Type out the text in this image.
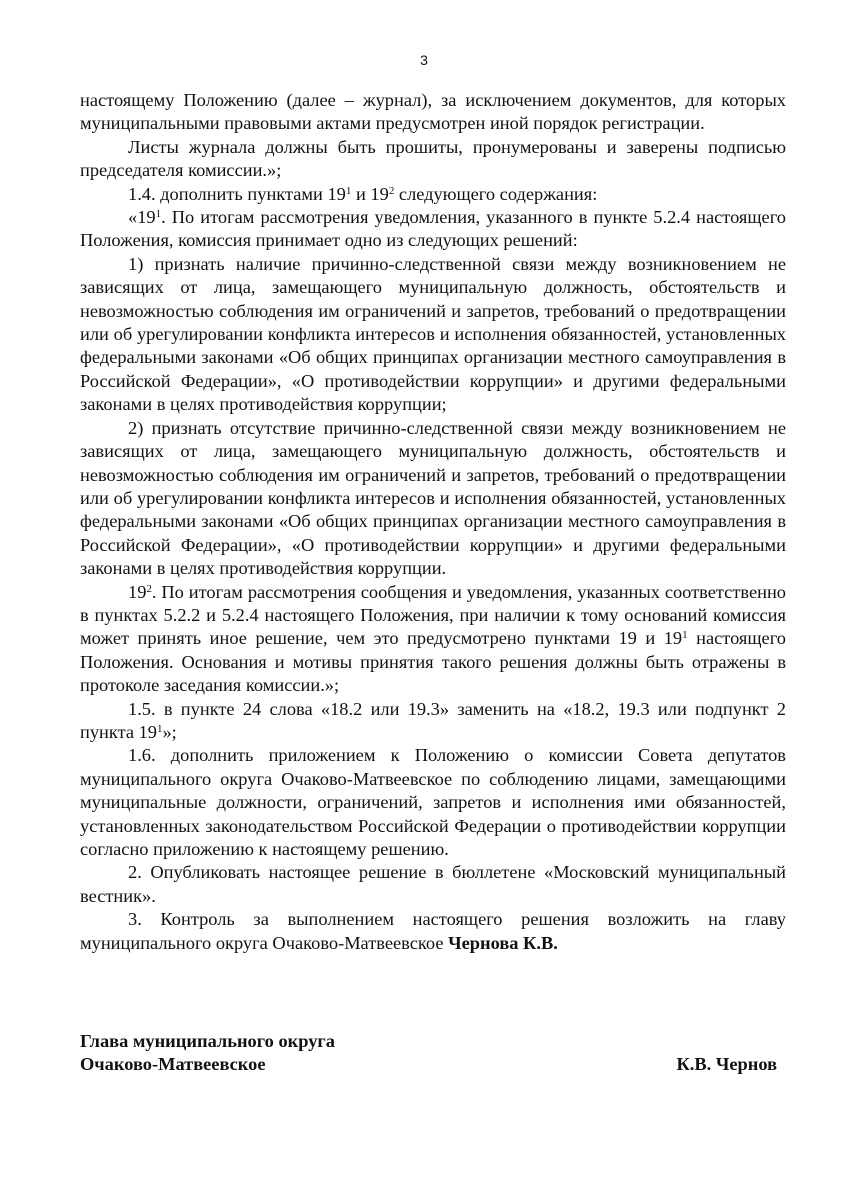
3

настоящему Положению (далее – журнал), за исключением документов, для которых муниципальными правовыми актами предусмотрен иной порядок регистрации.

Листы журнала должны быть прошиты, пронумерованы и заверены подписью председателя комиссии.»;

1.4. дополнить пунктами $19^1$ и $19^2$ следующего содержания:

«$19^1$. По итогам рассмотрения уведомления, указанного в пункте 5.2.4 настоящего Положения, комиссия принимает одно из следующих решений:

1) признать наличие причинно-следственной связи между возникновением не зависящих от лица, замещающего муниципальную должность, обстоятельств и невозможностью соблюдения им ограничений и запретов, требований о предотвращении или об урегулировании конфликта интересов и исполнения обязанностей, установленных федеральными законами «Об общих принципах организации местного самоуправления в Российской Федерации», «О противодействии коррупции» и другими федеральными законами в целях противодействия коррупции;

2) признать отсутствие причинно-следственной связи между возникновением не зависящих от лица, замещающего муниципальную должность, обстоятельств и невозможностью соблюдения им ограничений и запретов, требований о предотвращении или об урегулировании конфликта интересов и исполнения обязанностей, установленных федеральными законами «Об общих принципах организации местного самоуправления в Российской Федерации», «О противодействии коррупции» и другими федеральными законами в целях противодействия коррупции.

$19^2$. По итогам рассмотрения сообщения и уведомления, указанных соответственно в пунктах 5.2.2 и 5.2.4 настоящего Положения, при наличии к тому оснований комиссия может принять иное решение, чем это предусмотрено пунктами 19 и $19^1$ настоящего Положения. Основания и мотивы принятия такого решения должны быть отражены в протоколе заседания комиссии.»;

1.5. в пункте 24 слова «18.2 или 19.3» заменить на «18.2, 19.3 или подпункт 2 пункта $19^1$»;

1.6. дополнить приложением к Положению о комиссии Совета депутатов муниципального округа Очаково-Матвеевское по соблюдению лицами, замещающими муниципальные должности, ограничений, запретов и исполнения ими обязанностей, установленных законодательством Российской Федерации о противодействии коррупции согласно приложению к настоящему решению.

2. Опубликовать настоящее решение в бюллетене «Московский муниципальный вестник».

3. Контроль за выполнением настоящего решения возложить на главу муниципального округа Очаково-Матвеевское Чернова К.В.

Глава муниципального округа
Очаково-Матвеевское	К.В. Чернов
